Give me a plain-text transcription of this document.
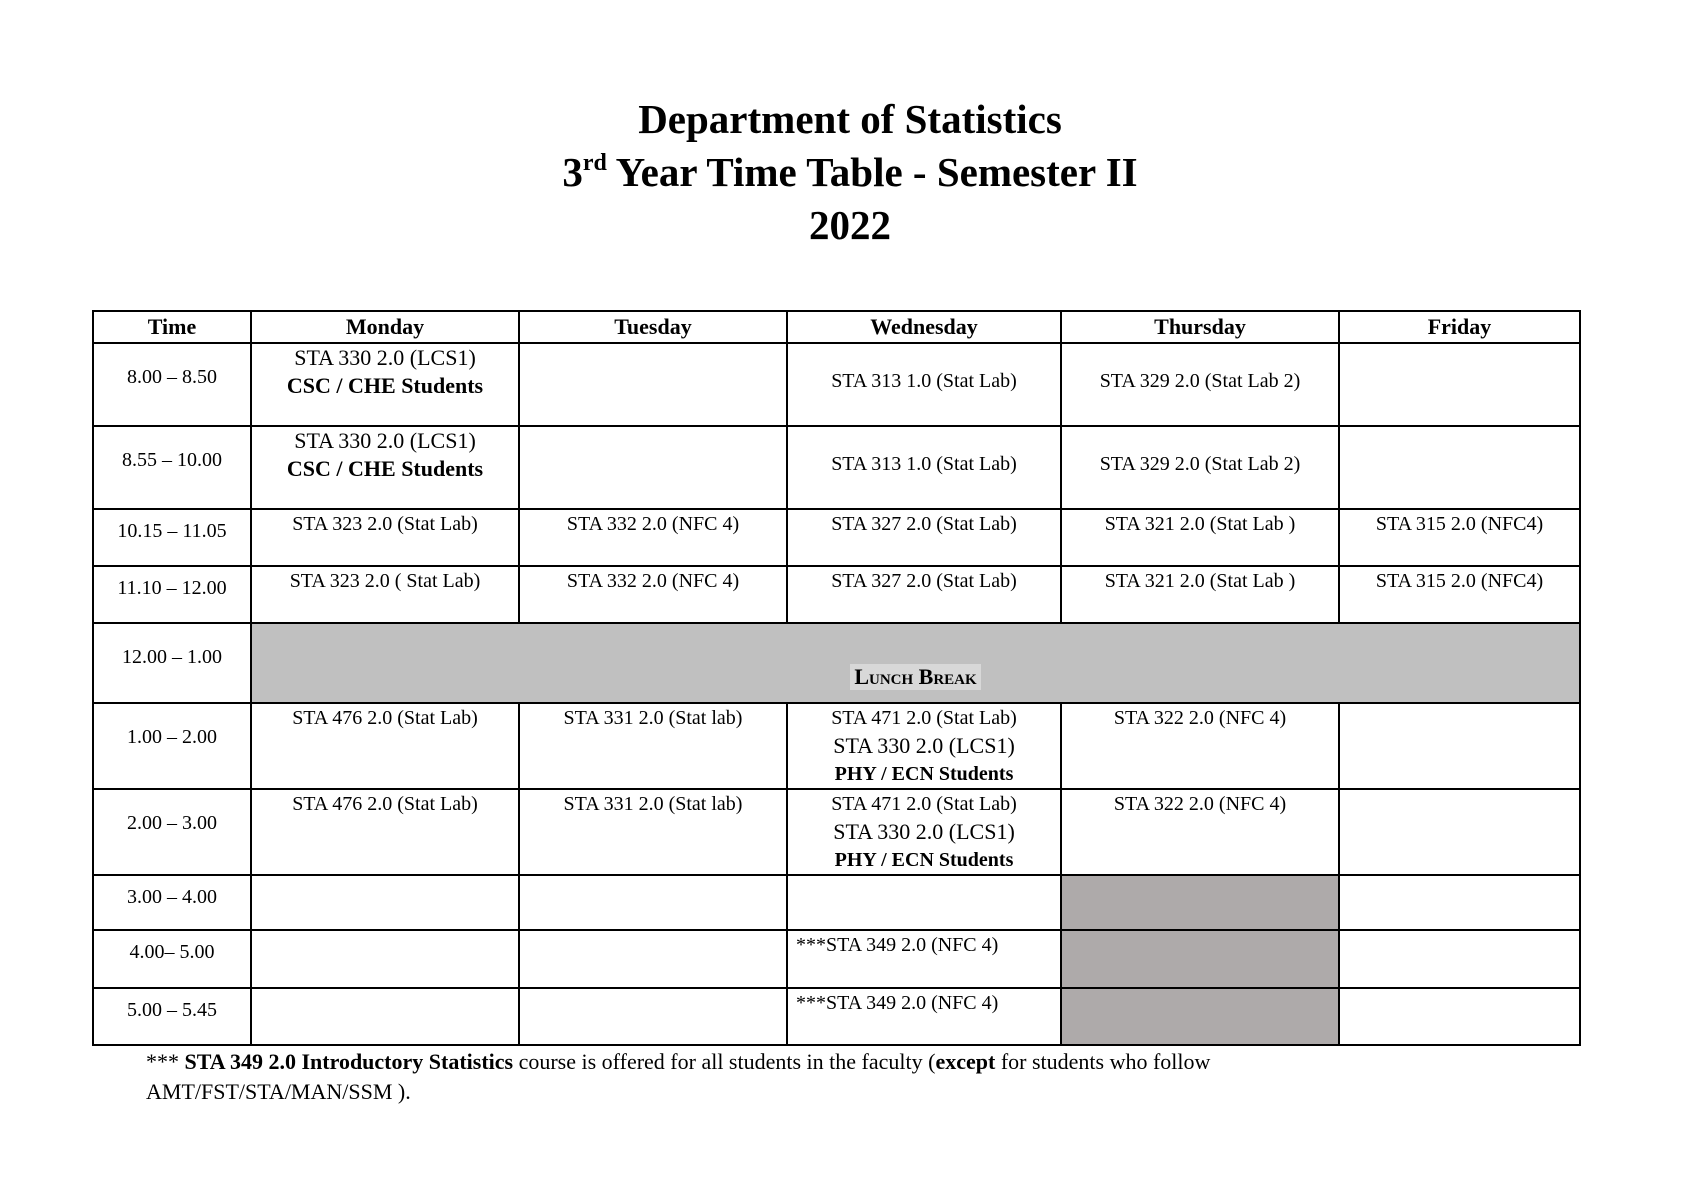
Department of Statistics
3rd Year Time Table - Semester II
2022
Time	Monday	Tuesday	Wednesday	Thursday	Friday
8.00 – 8.50	STA 330 2.0 (LCS1)
CSC / CHE Students		STA 313 1.0 (Stat Lab)	STA 329 2.0 (Stat Lab 2)	
8.55 – 10.00	STA 330 2.0 (LCS1)
CSC / CHE Students		STA 313 1.0 (Stat Lab)	STA 329 2.0 (Stat Lab 2)	
10.15 – 11.05	STA 323 2.0 (Stat Lab)	STA 332 2.0 (NFC 4)	STA 327 2.0 (Stat Lab)	STA 321 2.0 (Stat Lab )	STA 315 2.0 (NFC4)

11.10 – 12.00	STA 323 2.0 ( Stat Lab)	STA 332 2.0 (NFC 4)	STA 327 2.0 (Stat Lab)	STA 321 2.0 (Stat Lab )	STA 315 2.0 (NFC4)

12.00 – 1.00	Lunch Break				
1.00 – 2.00	STA 476 2.0 (Stat Lab)	STA 331 2.0 (Stat lab)	STA 471 2.0 (Stat Lab)
STA 330 2.0 (LCS1)
PHY / ECN Students	STA 322 2.0 (NFC 4)	

2.00 – 3.00	STA 476 2.0 (Stat Lab)	STA 331 2.0 (Stat lab)	STA 471 2.0 (Stat Lab)
STA 330 2.0 (LCS1)
PHY / ECN Students	STA 322 2.0 (NFC 4)	

3.00 – 4.00					
4.00– 5.00			***STA 349 2.0 (NFC 4)		

5.00 – 5.45			***STA 349 2.0 (NFC 4)		

*** STA 349 2.0 Introductory Statistics course is offered for all students in the faculty (except for students who follow AMT/FST/STA/MAN/SSM ).
